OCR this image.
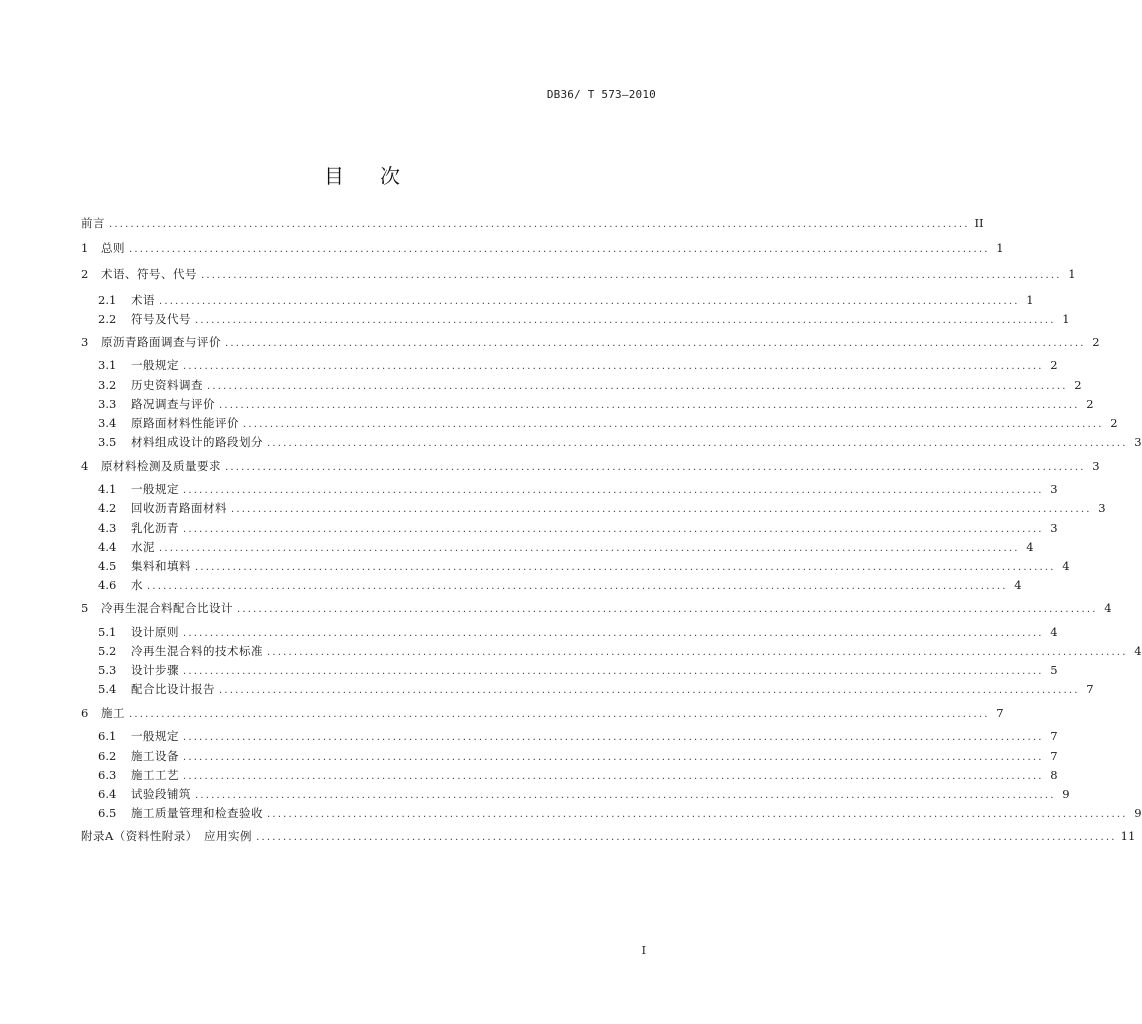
DB36/ T 573—2010
目次
前言 ................................................................................................................................................................ II
1	总则 ................................................................................................................................................................ 1
2	术语、符号、代号 ................................................................................................................................................................ 1
2.1	术语 ................................................................................................................................................................ 1
2.2	符号及代号 ................................................................................................................................................................ 1
3	原沥青路面调查与评价 ................................................................................................................................................................ 2
3.1	一般规定 ................................................................................................................................................................ 2
3.2	历史资料调查 ................................................................................................................................................................ 2
3.3	路况调查与评价 ................................................................................................................................................................ 2
3.4	原路面材料性能评价 ................................................................................................................................................................ 2
3.5	材料组成设计的路段划分 ................................................................................................................................................................ 3
4	原材料检测及质量要求 ................................................................................................................................................................ 3
4.1	一般规定 ................................................................................................................................................................ 3
4.2	回收沥青路面材料 ................................................................................................................................................................ 3
4.3	乳化沥青 ................................................................................................................................................................ 3
4.4	水泥 ................................................................................................................................................................ 4
4.5	集料和填料 ................................................................................................................................................................ 4
4.6	水 ................................................................................................................................................................ 4
5	冷再生混合料配合比设计 ................................................................................................................................................................ 4
5.1	设计原则 ................................................................................................................................................................ 4
5.2	冷再生混合料的技术标准 ................................................................................................................................................................ 4
5.3	设计步骤 ................................................................................................................................................................ 5
5.4	配合比设计报告 ................................................................................................................................................................ 7
6	施工 ................................................................................................................................................................ 7
6.1	一般规定 ................................................................................................................................................................ 7
6.2	施工设备 ................................................................................................................................................................ 7
6.3	施工工艺 ................................................................................................................................................................ 8
6.4	试验段铺筑 ................................................................................................................................................................ 9
6.5	施工质量管理和检查验收 ................................................................................................................................................................ 9
附录A（资料性附录）　应用实例 ................................................................................................................................................................ 11
I
